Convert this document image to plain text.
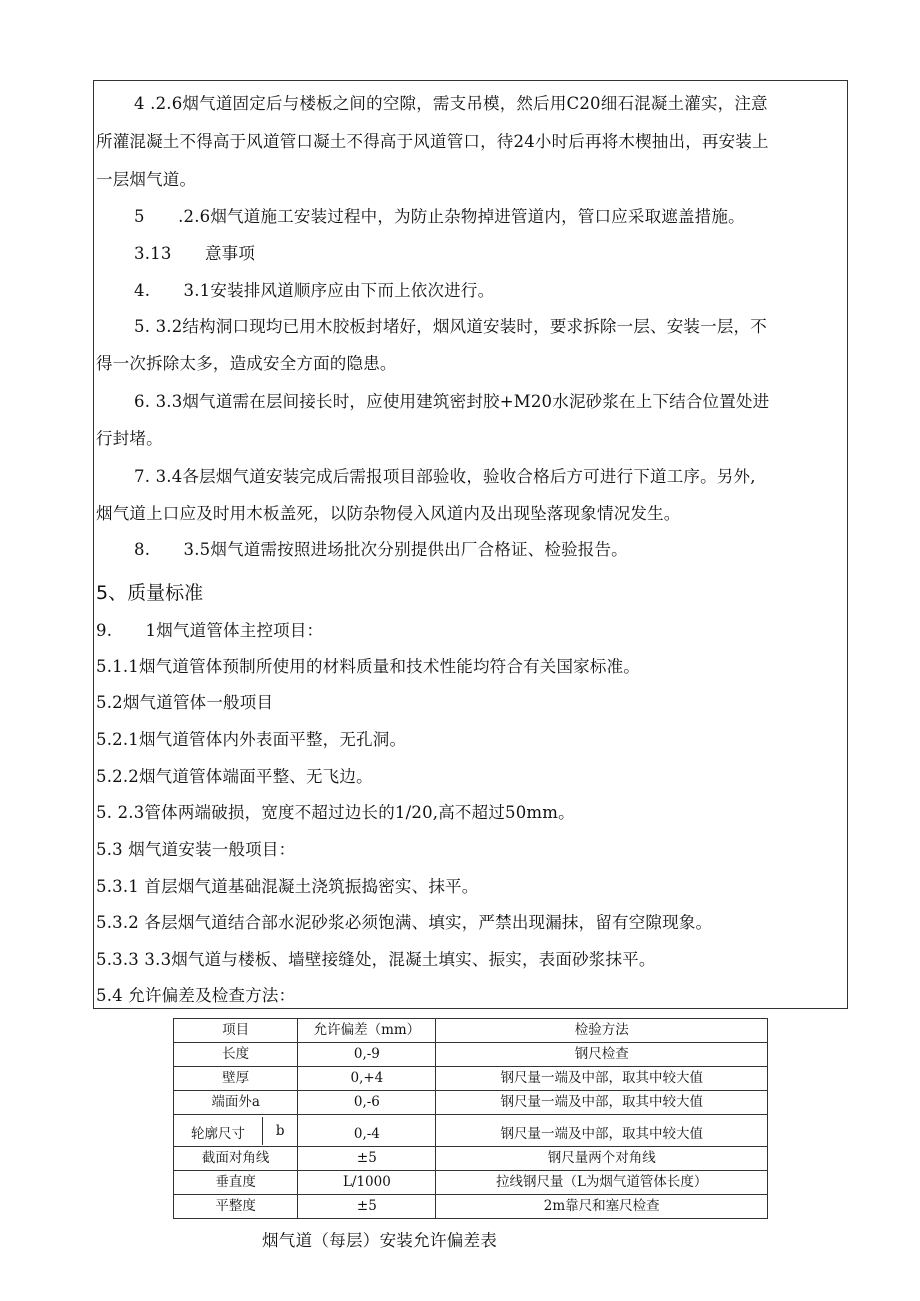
4 .2.6烟气道固定后与楼板之间的空隙，需支吊模，然后用C20细石混凝土灌实，注意
所灌混凝土不得高于风道管口凝土不得高于风道管口，待24小时后再将木楔抽出，再安装上
一层烟气道。
5　　.2.6烟气道施工安装过程中，为防止杂物掉进管道内，管口应采取遮盖措施。
3.13　　意事项
4.　　3.1安装排风道顺序应由下而上依次进行。
5. 3.2结构洞口现均已用木胶板封堵好，烟风道安装时，要求拆除一层、安装一层，不
得一次拆除太多，造成安全方面的隐患。
6. 3.3烟气道需在层间接长时，应使用建筑密封胶+M20水泥砂浆在上下结合位置处进
行封堵。
7. 3.4各层烟气道安装完成后需报项目部验收，验收合格后方可进行下道工序。另外,
烟气道上口应及时用木板盖死，以防杂物侵入风道内及出现坠落现象情况发生。
8.　　3.5烟气道需按照进场批次分别提供出厂合格证、检验报告。
9.　　1烟气道管体主控项目：
5.1.1烟气道管体预制所使用的材料质量和技术性能均符合有关国家标准。
5.2烟气道管体一般项目
5.2.1烟气道管体内外表面平整，无孔洞。
5.2.2烟气道管体端面平整、无飞边。
5. 2.3管体两端破损，宽度不超过边长的1/20,高不超过50mm。
5.3 烟气道安装一般项目：
5.3.1 首层烟气道基础混凝土浇筑振捣密实、抹平。
5.3.2 各层烟气道结合部水泥砂浆必须饱满、填实，严禁出现漏抹，留有空隙现象。
5.3.3 3.3烟气道与楼板、墙壁接缝处，混凝土填实、振实，表面砂浆抹平。
5.4 允许偏差及检查方法：
5、质量标准
项目	允许偏差（mm）	检验方法
长度	0,-9	钢尺检查
壁厚	0,+4	钢尺量一端及中部，取其中较大值
端面外a	0,-6	钢尺量一端及中部，取其中较大值

轮廓尺寸 b	0,-4	钢尺量一端及中部，取其中较大值
截面对角线	±5	钢尺量两个对角线
垂直度	L/1000	拉线钢尺量（L为烟气道管体长度）
平整度	±5	2m靠尺和塞尺检查
烟气道（每层）安装允许偏差表
